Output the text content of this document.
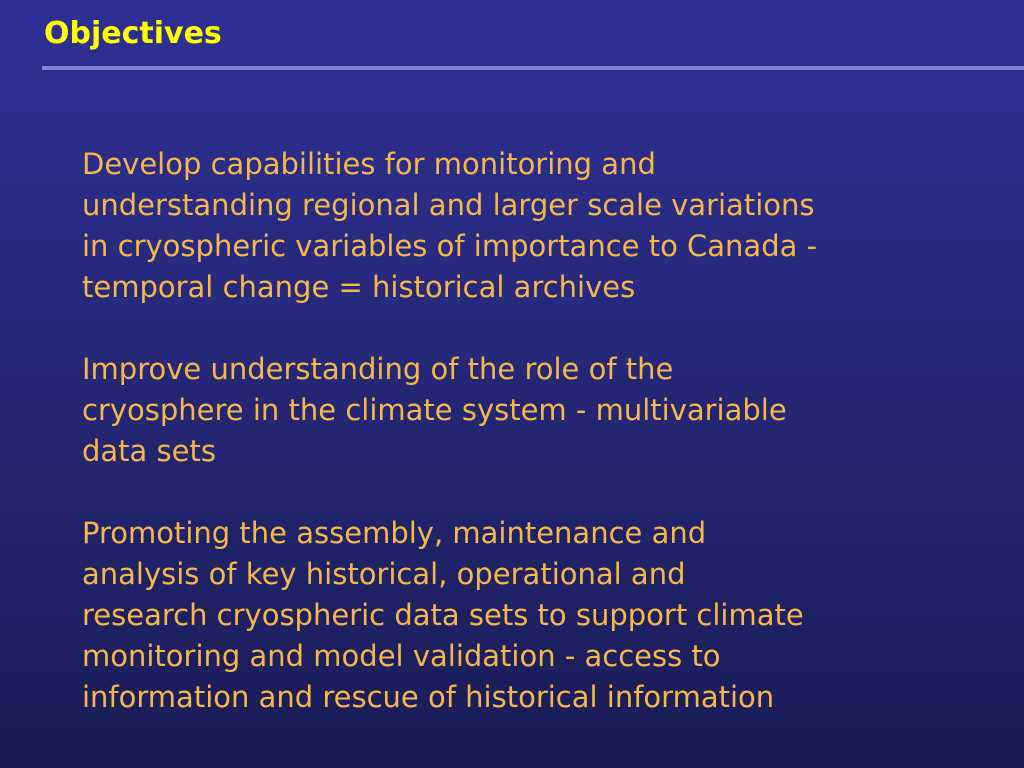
Objectives

Develop capabilities for monitoring and
understanding regional and larger scale variations
in cryospheric variables of importance to Canada -
temporal change = historical archives

Improve understanding of the role of the
cryosphere in the climate system - multivariable
data sets

Promoting the assembly, maintenance and
analysis of key historical, operational and
research cryospheric data sets to support climate
monitoring and model validation - access to
information and rescue of historical information
